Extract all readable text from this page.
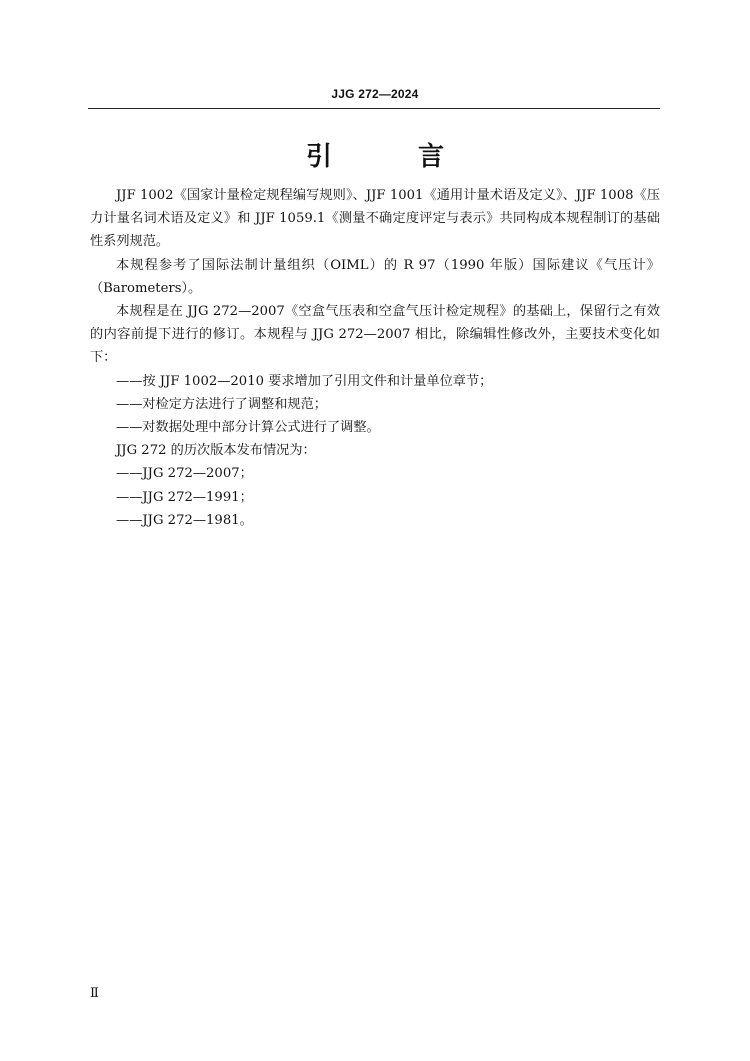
JJG 272—2024
引　言

JJF 1002《国家计量检定规程编写规则》、JJF 1001《通用计量术语及定义》、JJF 1008《压力计量名词术语及定义》和 JJF 1059.1《测量不确定度评定与表示》共同构成本规程制订的基础性系列规范。

本规程参考了国际法制计量组织（OIML）的 R 97（1990 年版）国际建议《气压计》（Barometers）。

本规程是在 JJG 272—2007《空盒气压表和空盒气压计检定规程》的基础上，保留行之有效的内容前提下进行的修订。本规程与 JJG 272—2007 相比，除编辑性修改外，主要技术变化如下：

——按 JJF 1002—2010 要求增加了引用文件和计量单位章节；

——对检定方法进行了调整和规范；

——对数据处理中部分计算公式进行了调整。

JJG 272 的历次版本发布情况为：

——JJG 272—2007；

——JJG 272—1991；

——JJG 272—1981。

Ⅱ
